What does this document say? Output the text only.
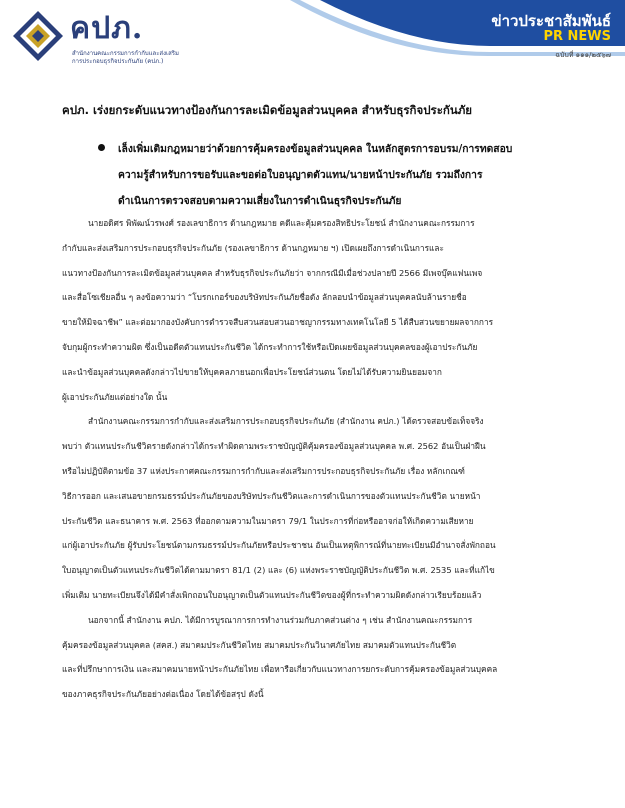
คปภ.
สำนักงานคณะกรรมการกำกับและส่งเสริม
การประกอบธุรกิจประกันภัย (คปภ.)
ข่าวประชาสัมพันธ์
PR NEWS
ฉบับที่ ๑๑๑/๒๕๖๗
คปภ. เร่งยกระดับแนวทางป้องกันการละเมิดข้อมูลส่วนบุคคล สำหรับธุรกิจประกันภัย
เล็งเพิ่มเติมกฎหมายว่าด้วยการคุ้มครองข้อมูลส่วนบุคคล ในหลักสูตรการอบรม/การทดสอบ
ความรู้สำหรับการขอรับและขอต่อใบอนุญาตตัวแทน/นายหน้าประกันภัย รวมถึงการ
ดำเนินการตรวจสอบตามความเสี่ยงในการดำเนินธุรกิจประกันภัย
นายอดิศร พิพัฒน์วรพงศ์ รองเลขาธิการ ด้านกฎหมาย คดีและคุ้มครองสิทธิประโยชน์ สำนักงานคณะกรรมการ
กำกับและส่งเสริมการประกอบธุรกิจประกันภัย (รองเลขาธิการ ด้านกฎหมาย ฯ) เปิดเผยถึงการดำเนินการและ
แนวทางป้องกันการละเมิดข้อมูลส่วนบุคคล สำหรับธุรกิจประกันภัยว่า จากกรณีมีเมื่อช่วงปลายปี 2566 มีเพจบุ๊คแฟนเพจ
และสื่อโซเชียลอื่น ๆ ลงข้อความว่า “โบรกเกอร์ของบริษัทประกันภัยชื่อดัง ลักลอบนำข้อมูลส่วนบุคคลนับล้านรายชื่อ
ขายให้มิจฉาชีพ” และต่อมากองบังคับการตำรวจสืบสวนสอบสวนอาชญากรรมทางเทคโนโลยี 5 ได้สืบสวนขยายผลจากการ
จับกุมผู้กระทำความผิด ซึ่งเป็นอดีตตัวแทนประกันชีวิต ได้กระทำการใช้หรือเปิดเผยข้อมูลส่วนบุคคลของผู้เอาประกันภัย
และนำข้อมูลส่วนบุคคลดังกล่าวไปขายให้บุคคลภายนอกเพื่อประโยชน์ส่วนตน โดยไม่ได้รับความยินยอมจาก
ผู้เอาประกันภัยแต่อย่างใด นั้น
สำนักงานคณะกรรมการกำกับและส่งเสริมการประกอบธุรกิจประกันภัย (สำนักงาน คปภ.) ได้ตรวจสอบข้อเท็จจริง
พบว่า ตัวแทนประกันชีวิตรายดังกล่าวได้กระทำผิดตามพระราชบัญญัติคุ้มครองข้อมูลส่วนบุคคล พ.ศ. 2562 อันเป็นฝ่าฝืน
หรือไม่ปฏิบัติตามข้อ 37 แห่งประกาศคณะกรรมการกำกับและส่งเสริมการประกอบธุรกิจประกันภัย เรื่อง หลักเกณฑ์
วิธีการออก และเสนอขายกรมธรรม์ประกันภัยของบริษัทประกันชีวิตและการดำเนินการของตัวแทนประกันชีวิต นายหน้า
ประกันชีวิต และธนาคาร พ.ศ. 2563 ที่ออกตามความในมาตรา 79/1 ในประการที่ก่อหรืออาจก่อให้เกิดความเสียหาย
แก่ผู้เอาประกันภัย ผู้รับประโยชน์ตามกรมธรรม์ประกันภัยหรือประชาชน อันเป็นเหตุพิการณ์ที่นายทะเบียนมีอำนาจสั่งพักถอน
ใบอนุญาตเป็นตัวแทนประกันชีวิตได้ตามมาตรา 81/1 (2) และ (6) แห่งพระราชบัญญัติประกันชีวิต พ.ศ. 2535 และที่แก้ไข
เพิ่มเติม นายทะเบียนจึงได้มีคำสั่งเพิกถอนใบอนุญาตเป็นตัวแทนประกันชีวิตของผู้ที่กระทำความผิดดังกล่าวเรียบร้อยแล้ว
นอกจากนี้ สำนักงาน คปภ. ได้มีการบูรณาการการทำงานร่วมกับภาคส่วนต่าง ๆ เช่น สำนักงานคณะกรรมการ
คุ้มครองข้อมูลส่วนบุคคล (สคส.) สมาคมประกันชีวิตไทย สมาคมประกันวินาศภัยไทย สมาคมตัวแทนประกันชีวิต
และที่ปรึกษาการเงิน และสมาคมนายหน้าประกันภัยไทย เพื่อหารือเกี่ยวกับแนวทางการยกระดับการคุ้มครองข้อมูลส่วนบุคคล
ของภาคธุรกิจประกันภัยอย่างต่อเนื่อง โดยได้ข้อสรุป ดังนี้
